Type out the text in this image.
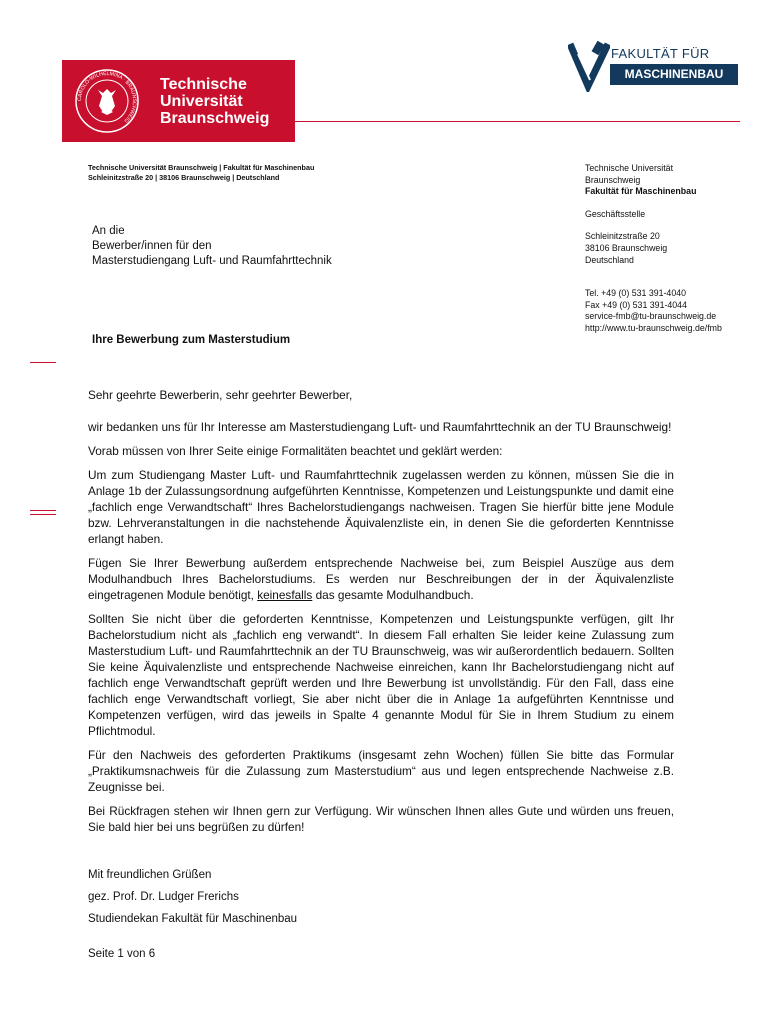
CAROLO-WILHELMINA · BRAUNSCHWEIG
Technische
Universität
Braunschweig
FAKULTÄT FÜR
MASCHINENBAU
Technische Universität Braunschweig | Fakultät für Maschinenbau
Schleinitzstraße 20 | 38106 Braunschweig | Deutschland
An die
Bewerber/innen für den
Masterstudiengang Luft- und Raumfahrttechnik
Technische Universität
Braunschweig
Fakultät für Maschinenbau
Geschäftsstelle
Schleinitzstraße 20
38106 Braunschweig
Deutschland
Tel. +49 (0) 531 391-4040
Fax +49 (0) 531 391-4044
service-fmb@tu-braunschweig.de
http://www.tu-braunschweig.de/fmb
Ihre Bewerbung zum Masterstudium

Sehr geehrte Bewerberin, sehr geehrter Bewerber,

wir bedanken uns für Ihr Interesse am Masterstudiengang Luft- und Raumfahrttechnik an der TU Braunschweig!

Vorab müssen von Ihrer Seite einige Formalitäten beachtet und geklärt werden:

Um zum Studiengang Master Luft- und Raumfahrttechnik zugelassen werden zu können, müssen Sie die in Anlage 1b der Zulassungsordnung aufgeführten Kenntnisse, Kompetenzen und Leistungspunkte und damit eine „fachlich enge Verwandtschaft“ Ihres Bachelorstudiengangs nachweisen. Tragen Sie hierfür bitte jene Module bzw. Lehrveranstaltungen in die nachstehende Äquivalenzliste ein, in denen Sie die geforderten Kenntnisse erlangt haben.

Fügen Sie Ihrer Bewerbung außerdem entsprechende Nachweise bei, zum Beispiel Auszüge aus dem Modulhandbuch Ihres Bachelorstudiums. Es werden nur Beschreibungen der in der Äquivalenzliste eingetragenen Module benötigt, keinesfalls das gesamte Modulhandbuch.

Sollten Sie nicht über die geforderten Kenntnisse, Kompetenzen und Leistungspunkte verfügen, gilt Ihr Bachelorstudium nicht als „fachlich eng verwandt“. In diesem Fall erhalten Sie leider keine Zulassung zum Masterstudium Luft- und Raumfahrttechnik an der TU Braunschweig, was wir außerordentlich bedauern. Sollten Sie keine Äquivalenzliste und entsprechende Nachweise einreichen, kann Ihr Bachelorstudiengang nicht auf fachlich enge Verwandtschaft geprüft werden und Ihre Bewerbung ist unvollständig. Für den Fall, dass eine fachlich enge Verwandtschaft vorliegt, Sie aber nicht über die in Anlage 1a aufgeführten Kenntnisse und Kompetenzen verfügen, wird das jeweils in Spalte 4 genannte Modul für Sie in Ihrem Studium zu einem Pflichtmodul.

Für den Nachweis des geforderten Praktikums (insgesamt zehn Wochen) füllen Sie bitte das Formular „Praktikumsnachweis für die Zulassung zum Masterstudium“ aus und legen entsprechende Nachweise z.B. Zeugnisse bei.

Bei Rückfragen stehen wir Ihnen gern zur Verfügung. Wir wünschen Ihnen alles Gute und würden uns freuen, Sie bald hier bei uns begrüßen zu dürfen!

Mit freundlichen Grüßen
gez. Prof. Dr. Ludger Frerichs
Studiendekan Fakultät für Maschinenbau
Seite 1 von 6
